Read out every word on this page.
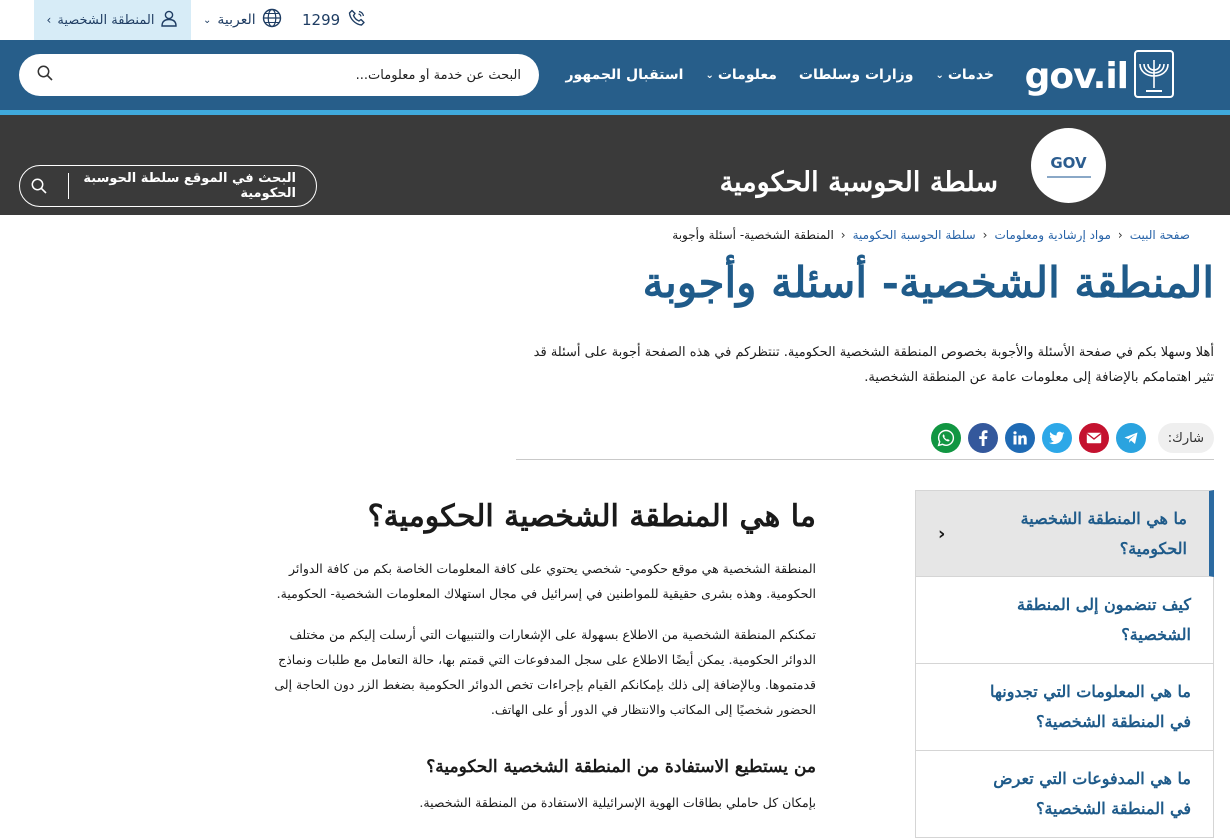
المنطقة الشخصية
›	العربية
⌄	1299
gov.il
خدمات
⌄
وزارات وسلطات
معلومات
⌄
استقبال الجمهور
البحث عن خدمة أو معلومات...
GOV
سلطة الحوسبة الحكومية
البحث في الموقع سلطة الحوسبة الحكومية
صفحة البيت
‹
مواد إرشادية ومعلومات
‹
سلطة الحوسبة الحكومية
‹
المنطقة الشخصية- أسئلة وأجوبة
المنطقة الشخصية- أسئلة وأجوبة

أهلا وسهلا بكم في صفحة الأسئلة والأجوبة بخصوص المنطقة الشخصية الحكومية. تنتظركم في هذه الصفحة أجوبة على أسئلة قد تثير اهتمامكم بالإضافة إلى معلومات عامة عن المنطقة الشخصية.

شارك:
ما هي المنطقة الشخصية الحكومية؟
‹
كيف تنضمون إلى المنطقة الشخصية؟
ما هي المعلومات التي تجدونها في المنطقة الشخصية؟
ما هي المدفوعات التي تعرض في المنطقة الشخصية؟
ما هي المنطقة الشخصية الحكومية؟

المنطقة الشخصية هي موقع حكومي- شخصي يحتوي على كافة المعلومات الخاصة بكم من كافة الدوائر الحكومية. وهذه بشرى حقيقية للمواطنين في إسرائيل في مجال استهلاك المعلومات الشخصية- الحكومية.

تمكنكم المنطقة الشخصية من الاطلاع بسهولة على الإشعارات والتنبيهات التي أرسلت إليكم من مختلف الدوائر الحكومية. يمكن أيضًا الاطلاع على سجل المدفوعات التي قمتم بها، حالة التعامل مع طلبات ونماذج قدمتموها. وبالإضافة إلى ذلك بإمكانكم القيام بإجراءات تخص الدوائر الحكومية بضغط الزر دون الحاجة إلى الحضور شخصيًا إلى المكاتب والانتظار في الدور أو على الهاتف.

من يستطيع الاستفادة من المنطقة الشخصية الحكومية؟

بإمكان كل حاملي بطاقات الهوية الإسرائيلية الاستفادة من المنطقة الشخصية.
